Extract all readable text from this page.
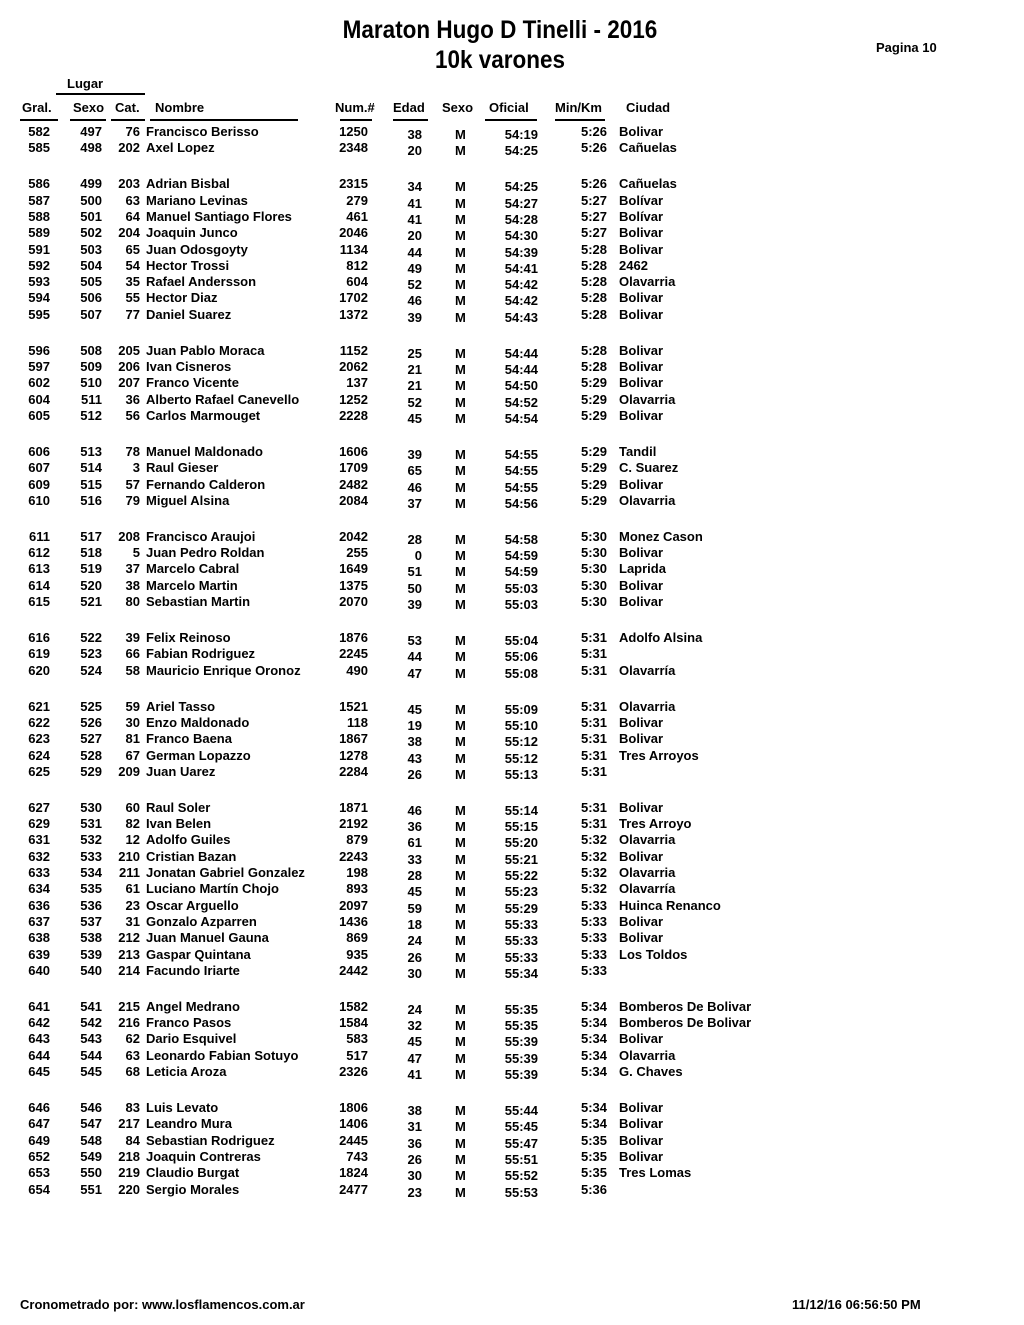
Maraton Hugo D Tinelli - 2016
10k varones	Pagina 10
Lugar
Gral. Sexo Cat. Nombre	Num.# Edad Sexo Oficial Min/Km Ciudad
582	497	76 Francisco Berisso	1250	38	M	54:19	5:26 Bolivar
585	498	202 Axel Lopez	2348	20	M	54:25	5:26 Cañuelas
586	499	203 Adrian Bisbal	2315	34	M	54:25	5:26 Cañuelas
587	500	63 Mariano Levinas	279	41	M	54:27	5:27 Bolívar
588	501	64 Manuel Santiago Flores	461	41	M	54:28	5:27 Bolívar
589	502	204 Joaquin Junco	2046	20	M	54:30	5:27 Bolivar
591	503	65 Juan Odosgoyty	1134	44	M	54:39	5:28 Bolivar
592	504	54 Hector Trossi	812	49	M	54:41	5:28 2462
593	505	35 Rafael Andersson	604	52	M	54:42	5:28 Olavarria
594	506	55 Hector Diaz	1702	46	M	54:42	5:28 Bolivar
595	507	77 Daniel Suarez	1372	39	M	54:43	5:28 Bolivar
596	508	205 Juan Pablo Moraca	1152	25	M	54:44	5:28 Bolivar
597	509	206 Ivan Cisneros	2062	21	M	54:44	5:28 Bolivar
602	510	207 Franco Vicente	137	21	M	54:50	5:29 Bolivar
604	511	36 Alberto Rafael Canevello	1252	52	M	54:52	5:29 Olavarria
605	512	56 Carlos Marmouget	2228	45	M	54:54	5:29 Bolivar
606	513	78 Manuel Maldonado	1606	39	M	54:55	5:29 Tandil
607	514	3 Raul Gieser	1709	65	M	54:55	5:29 C. Suarez
609	515	57 Fernando Calderon	2482	46	M	54:55	5:29 Bolivar
610	516	79 Miguel Alsina	2084	37	M	54:56	5:29 Olavarria
611	517	208 Francisco Araujoi	2042	28	M	54:58	5:30 Monez Cason
612	518	5 Juan Pedro Roldan	255	0	M	54:59	5:30 Bolivar
613	519	37 Marcelo Cabral	1649	51	M	54:59	5:30 Laprida
614	520	38 Marcelo Martin	1375	50	M	55:03	5:30 Bolivar
615	521	80 Sebastian Martin	2070	39	M	55:03	5:30 Bolivar
616	522	39 Felix Reinoso	1876	53	M	55:04	5:31 Adolfo Alsina
619	523	66 Fabian Rodriguez	2245	44	M	55:06	5:31
620	524	58 Mauricio Enrique Oronoz	490	47	M	55:08	5:31 Olavarría
621	525	59 Ariel Tasso	1521	45	M	55:09	5:31 Olavarria
622	526	30 Enzo Maldonado	118	19	M	55:10	5:31 Bolivar
623	527	81 Franco Baena	1867	38	M	55:12	5:31 Bolivar
624	528	67 German Lopazzo	1278	43	M	55:12	5:31 Tres Arroyos
625	529	209 Juan Uarez	2284	26	M	55:13	5:31
627	530	60 Raul Soler	1871	46	M	55:14	5:31 Bolivar
629	531	82 Ivan Belen	2192	36	M	55:15	5:31 Tres Arroyo
631	532	12 Adolfo Guiles	879	61	M	55:20	5:32 Olavarria
632	533	210 Cristian Bazan	2243	33	M	55:21	5:32 Bolivar
633	534	211 Jonatan Gabriel Gonzalez	198	28	M	55:22	5:32 Olavarria
634	535	61 Luciano Martín Chojo	893	45	M	55:23	5:32 Olavarría
636	536	23 Oscar Arguello	2097	59	M	55:29	5:33 Huinca Renanco
637	537	31 Gonzalo Azparren	1436	18	M	55:33	5:33 Bolivar
638	538	212 Juan Manuel Gauna	869	24	M	55:33	5:33 Bolivar
639	539	213 Gaspar Quintana	935	26	M	55:33	5:33 Los Toldos
640	540	214 Facundo Iriarte	2442	30	M	55:34	5:33
641	541	215 Angel Medrano	1582	24	M	55:35	5:34 Bomberos De Bolivar
642	542	216 Franco Pasos	1584	32	M	55:35	5:34 Bomberos De Bolivar
643	543	62 Dario Esquivel	583	45	M	55:39	5:34 Bolivar
644	544	63 Leonardo Fabian Sotuyo	517	47	M	55:39	5:34 Olavarria
645	545	68 Leticia Aroza	2326	41	M	55:39	5:34 G. Chaves
646	546	83 Luis Levato	1806	38	M	55:44	5:34 Bolivar
647	547	217 Leandro Mura	1406	31	M	55:45	5:34 Bolivar
649	548	84 Sebastian Rodriguez	2445	36	M	55:47	5:35 Bolivar
652	549	218 Joaquin Contreras	743	26	M	55:51	5:35 Bolivar
653	550	219 Claudio Burgat	1824	30	M	55:52	5:35 Tres Lomas
654	551	220 Sergio Morales	2477	23	M	55:53	5:36
Cronometrado por: www.losflamencos.com.ar	11/12/16 06:56:50 PM
